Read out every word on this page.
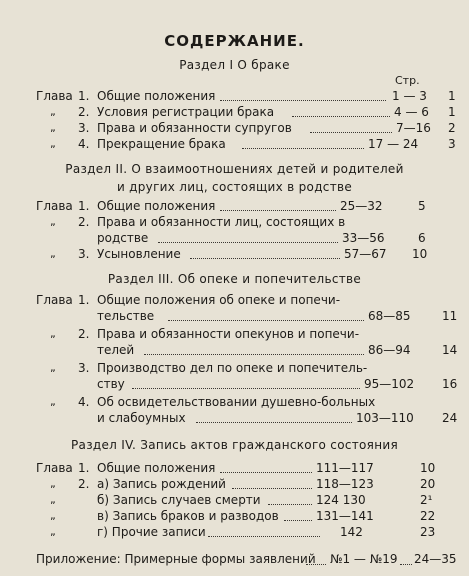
СОДЕРЖАНИЕ.
Стр.
Раздел I О браке
Глава 1. Общие положения	1 — 3 1
„ 2. Условия регистрации брака	4 — 6 1
„ 3. Права и обязанности супругов	7—16 2
„ 4. Прекращение брака	17 — 24 3
Раздел II. О взаимоотношениях детей и родителей
и других лиц, состоящих в родстве
Глава 1. Общие положения	25—32	5
„ 2. Права и обязанности лиц, состоящих в
родстве	33—56	6
„ 3. Усыновление	57—67 10
Раздел III. Об опеке и попечительстве
Глава 1. Общие положения об опеке и попечи-
тельстве	68—85	11
„ 2. Права и обязанности опекунов и попечи-
телей	86—94	14
„ 3. Производство дел по опеке и попечитель-
ству	95—102 16
„ 4. Об освидетельствовании душевно-больных
и слабоумных	103—110 24
Раздел IV. Запись актов гражданского состояния
Глава 1. Общие положения	111—117	10
„ 2. а) Запись рождений	118—123	20
„	б) Запись случаев смерти	124 130	2¹
„	в) Запись браков и разводов	131—141	22
„	г) Прочие записи	142	23
Приложение: Примерные формы заявлений №1 — №19 24—35
